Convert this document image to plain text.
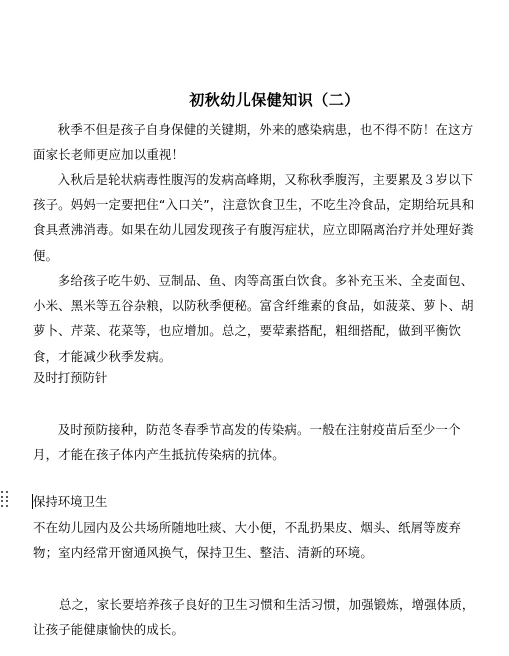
初秋幼儿保健知识（二）

秋季不但是孩子自身保健的关键期，外来的感染病患，也不得不防！在这方面家长老师更应加以重视！

入秋后是轮状病毒性腹泻的发病高峰期，又称秋季腹泻，主要累及３岁以下孩子。妈妈一定要把住“入口关”，注意饮食卫生，不吃生冷食品，定期给玩具和食具煮沸消毒。如果在幼儿园发现孩子有腹泻症状，应立即隔离治疗并处理好粪便。

多给孩子吃牛奶、豆制品、鱼、肉等高蛋白饮食。多补充玉米、全麦面包、小米、黑米等五谷杂粮，以防秋季便秘。富含纤维素的食品，如菠菜、萝卜、胡萝卜、芹菜、花菜等，也应增加。总之，要荤素搭配，粗细搭配，做到平衡饮食，才能减少秋季发病。

及时打预防针

及时预防接种，防范冬春季节高发的传染病。一般在注射疫苗后至少一个月，才能在孩子体内产生抵抗传染病的抗体。

保持环境卫生

不在幼儿园内及公共场所随地吐痰、大小便，不乱扔果皮、烟头、纸屑等废弃物；室内经常开窗通风换气，保持卫生、整洁、清新的环境。

总之，家长要培养孩子良好的卫生习惯和生活习惯，加强锻炼，增强体质，让孩子能健康愉快的成长。
